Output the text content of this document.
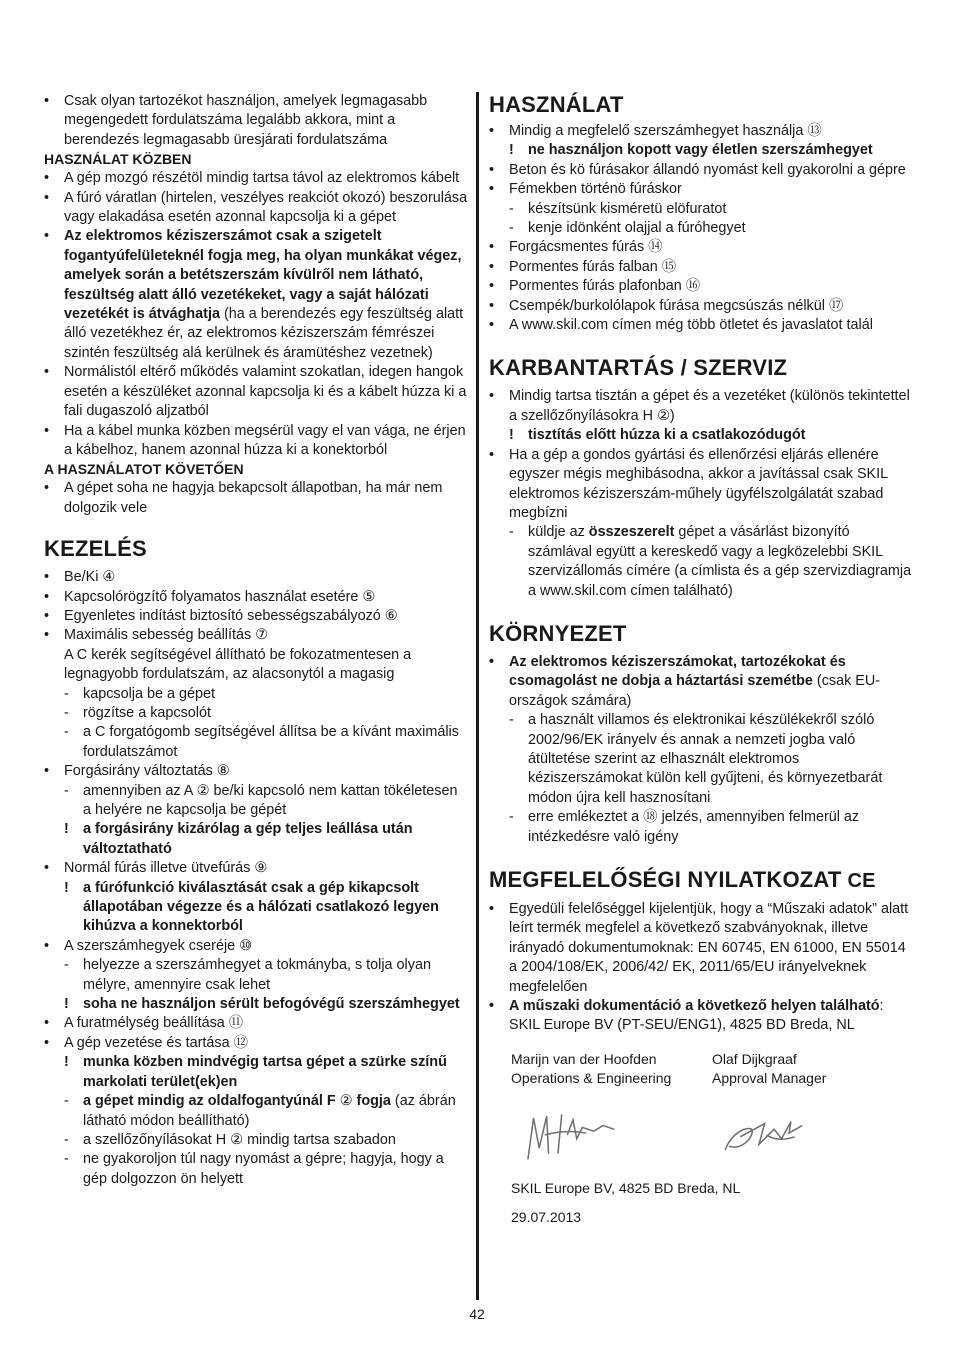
•	Csak olyan tartozékot használjon, amelyek legmagasabb megengedett fordulatszáma legalább akkora, mint a berendezés legmagasabb üresjárati fordulatszáma
HASZNÁLAT KÖZBEN
•	A gép mozgó részétöl mindig tartsa távol az elektromos kábelt
•	A fúró váratlan (hirtelen, veszélyes reakciót okozó) beszorulása vagy elakadása esetén azonnal kapcsolja ki a gépet
•	Az elektromos kéziszerszámot csak a szigetelt fogantyúfelületeknél fogja meg, ha olyan munkákat végez, amelyek során a betétszerszám kívülről nem látható, feszültség alatt álló vezetékeket, vagy a saját hálózati vezetékét is átvághatja (ha a berendezés egy feszültség alatt álló vezetékhez ér, az elektromos kéziszerszám fémrészei szintén feszültség alá kerülnek és áramütéshez vezetnek)
•	Normálistól eltérő működés valamint szokatlan, idegen hangok esetén a készüléket azonnal kapcsolja ki és a kábelt húzza ki a fali dugaszoló aljzatból
•	Ha a kábel munka közben megsérül vagy el van vága, ne érjen a kábelhoz, hanem azonnal húzza ki a konektorból
A HASZNÁLATOT KÖVETŐEN
•	A gépet soha ne hagyja bekapcsolt állapotban, ha már nem dolgozik vele
KEZELÉS
•	Be/Ki ④
•	Kapcsolórögzítő folyamatos használat esetére ⑤
•	Egyenletes indítást biztosító sebességszabályozó ⑥
•	Maximális sebesség beállítás ⑦
A C kerék segítségével állítható be fokozatmentesen a legnagyobb fordulatszám, az alacsonytól a magasig
- kapcsolja be a gépet
- rögzítse a kapcsolót
- a C forgatógomb segítségével állítsa be a kívánt maximális fordulatszámot
•	Forgásirány változtatás ⑧
- amennyiben az A ② be/ki kapcsoló nem kattan tökéletesen a helyére ne kapcsolja be gépét
! a forgásirány kizárólag a gép teljes leállása után változtatható
•	Normál fúrás illetve ütvefúrás ⑨
! a fúrófunkció kiválasztását csak a gép kikapcsolt állapotában végezze és a hálózati csatlakozó legyen kihúzva a konnektorból
•	A szerszámhegyek cseréje ⑩
- helyezze a szerszámhegyet a tokmányba, s tolja olyan mélyre, amennyire csak lehet
! soha ne használjon sérült befogóvégű szerszámhegyet
•	A furatmélység beállítása ⑪
•	A gép vezetése és tartása ⑫
! munka közben mindvégig tartsa gépet a szürke színű markolati terület(ek)en
- a gépet mindig az oldalfogantyúnál F ② fogja (az ábrán látható módon beállítható)
- a szellőzőnyílásokat H ② mindig tartsa szabadon
- ne gyakoroljon túl nagy nyomást a gépre; hagyja, hogy a gép dolgozzon ön helyett
HASZNÁLAT
•	Mindig a megfelelő szerszámhegyet használja ⑬
! ne használjon kopott vagy életlen szerszámhegyet
•	Beton és kö fúrásakor állandó nyomást kell gyakorolni a gépre
•	Fémekben történö fúráskor
- készítsünk kisméretü elöfuratot
- kenje idönként olajjal a fúróhegyet
•	Forgácsmentes fúrás ⑭
•	Pormentes fúrás falban ⑮
•	Pormentes fúrás plafonban ⑯
•	Csempék/burkolólapok fúrása megcsúszás nélkül ⑰
•	A www.skil.com címen még több ötletet és javaslatot talál
KARBANTARTÁS / SZERVIZ
•	Mindig tartsa tisztán a gépet és a vezetéket (különös tekintettel a szellőzőnyílásokra H ②)
! tisztítás előtt húzza ki a csatlakozódugót
•	Ha a gép a gondos gyártási és ellenőrzési eljárás ellenére egyszer mégis meghibásodna, akkor a javítással csak SKIL elektromos kéziszerszám-műhely ügyfélszolgálatát szabad megbízni
- küldje az összeszerelt gépet a vásárlást bizonyító számlával együtt a kereskedő vagy a legközelebbi SKIL szervizállomás címére (a címlista és a gép szervizdiagramja a www.skil.com címen található)
KÖRNYEZET
•	Az elektromos kéziszerszámokat, tartozékokat és csomagolást ne dobja a háztartási szemétbe (csak EU-országok számára)
- a használt villamos és elektronikai készülékekről szóló 2002/96/EK irányelv és annak a nemzeti jogba való átültetése szerint az elhasznált elektromos kéziszerszámokat külön kell gyűjteni, és környezetbarát módon újra kell hasznosítani
- erre emlékeztet a ⑱ jelzés, amennyiben felmerül az intézkedésre való igény
MEGFELELŐSÉGI NYILATKOZAT CE
•	Egyedüli felelőséggel kijelentjük, hogy a “Műszaki adatok” alatt leírt termék megfelel a következő szabványoknak, illetve irányadó dokumentumoknak: EN 60745, EN 61000, EN 55014 a 2004/108/EK, 2006/42/ EK, 2011/65/EU irányelveknek megfelelően
•	A műszaki dokumentáció a következő helyen található: SKIL Europe BV (PT-SEU/ENG1), 4825 BD Breda, NL
Marijn van der Hoofden
Operations & Engineering
Olaf Dijkgraaf
Approval Manager
SKIL Europe BV, 4825 BD Breda, NL
29.07.2013
42
